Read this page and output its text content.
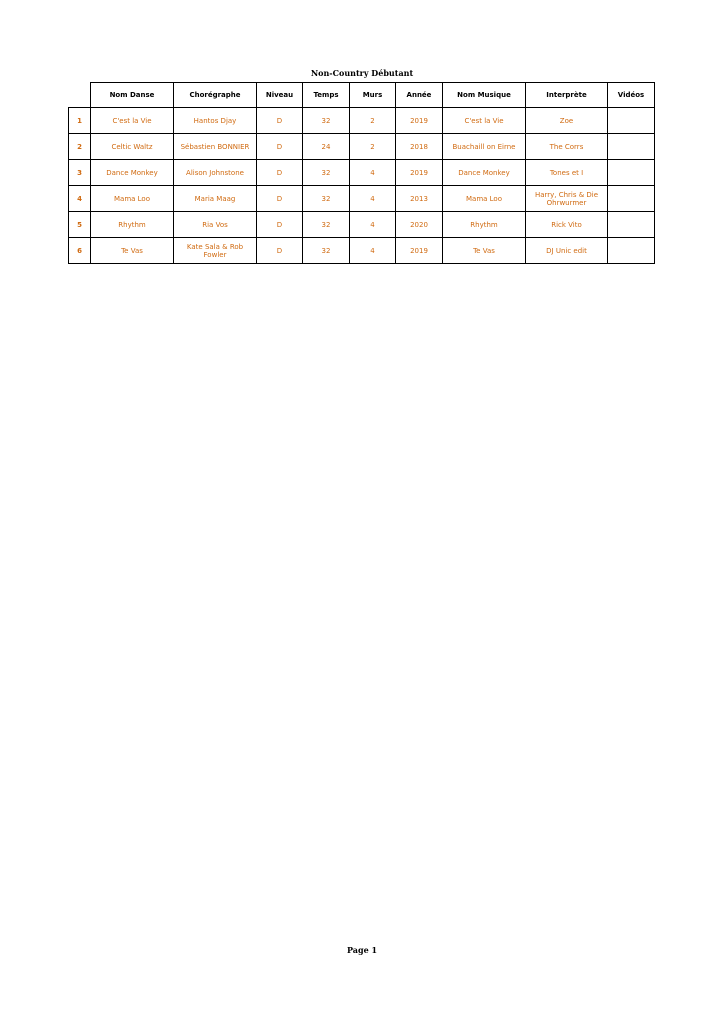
Non-Country Débutant
	Nom Danse	Chorégraphe	Niveau	Temps	Murs	Année	Nom Musique	Interprète	Vidéos
1	C'est la Vie	Hantos Djay	D	32	2	2019	C'est la Vie	Zoe	
2	Celtic Waltz	Sébastien BONNIER	D	24	2	2018	Buachaill on Eirne	The Corrs	
3	Dance Monkey	Alison Johnstone	D	32	4	2019	Dance Monkey	Tones et I	
4	Mama Loo	Maria Maag	D	32	4	2013	Mama Loo	Harry, Chris & Die Ohrwurmer	
5	Rhythm	Ria Vos	D	32	4	2020	Rhythm	Rick Vito	
6	Te Vas	Kate Sala & Rob Fowler	D	32	4	2019	Te Vas	DJ Unic edit	
Page 1
